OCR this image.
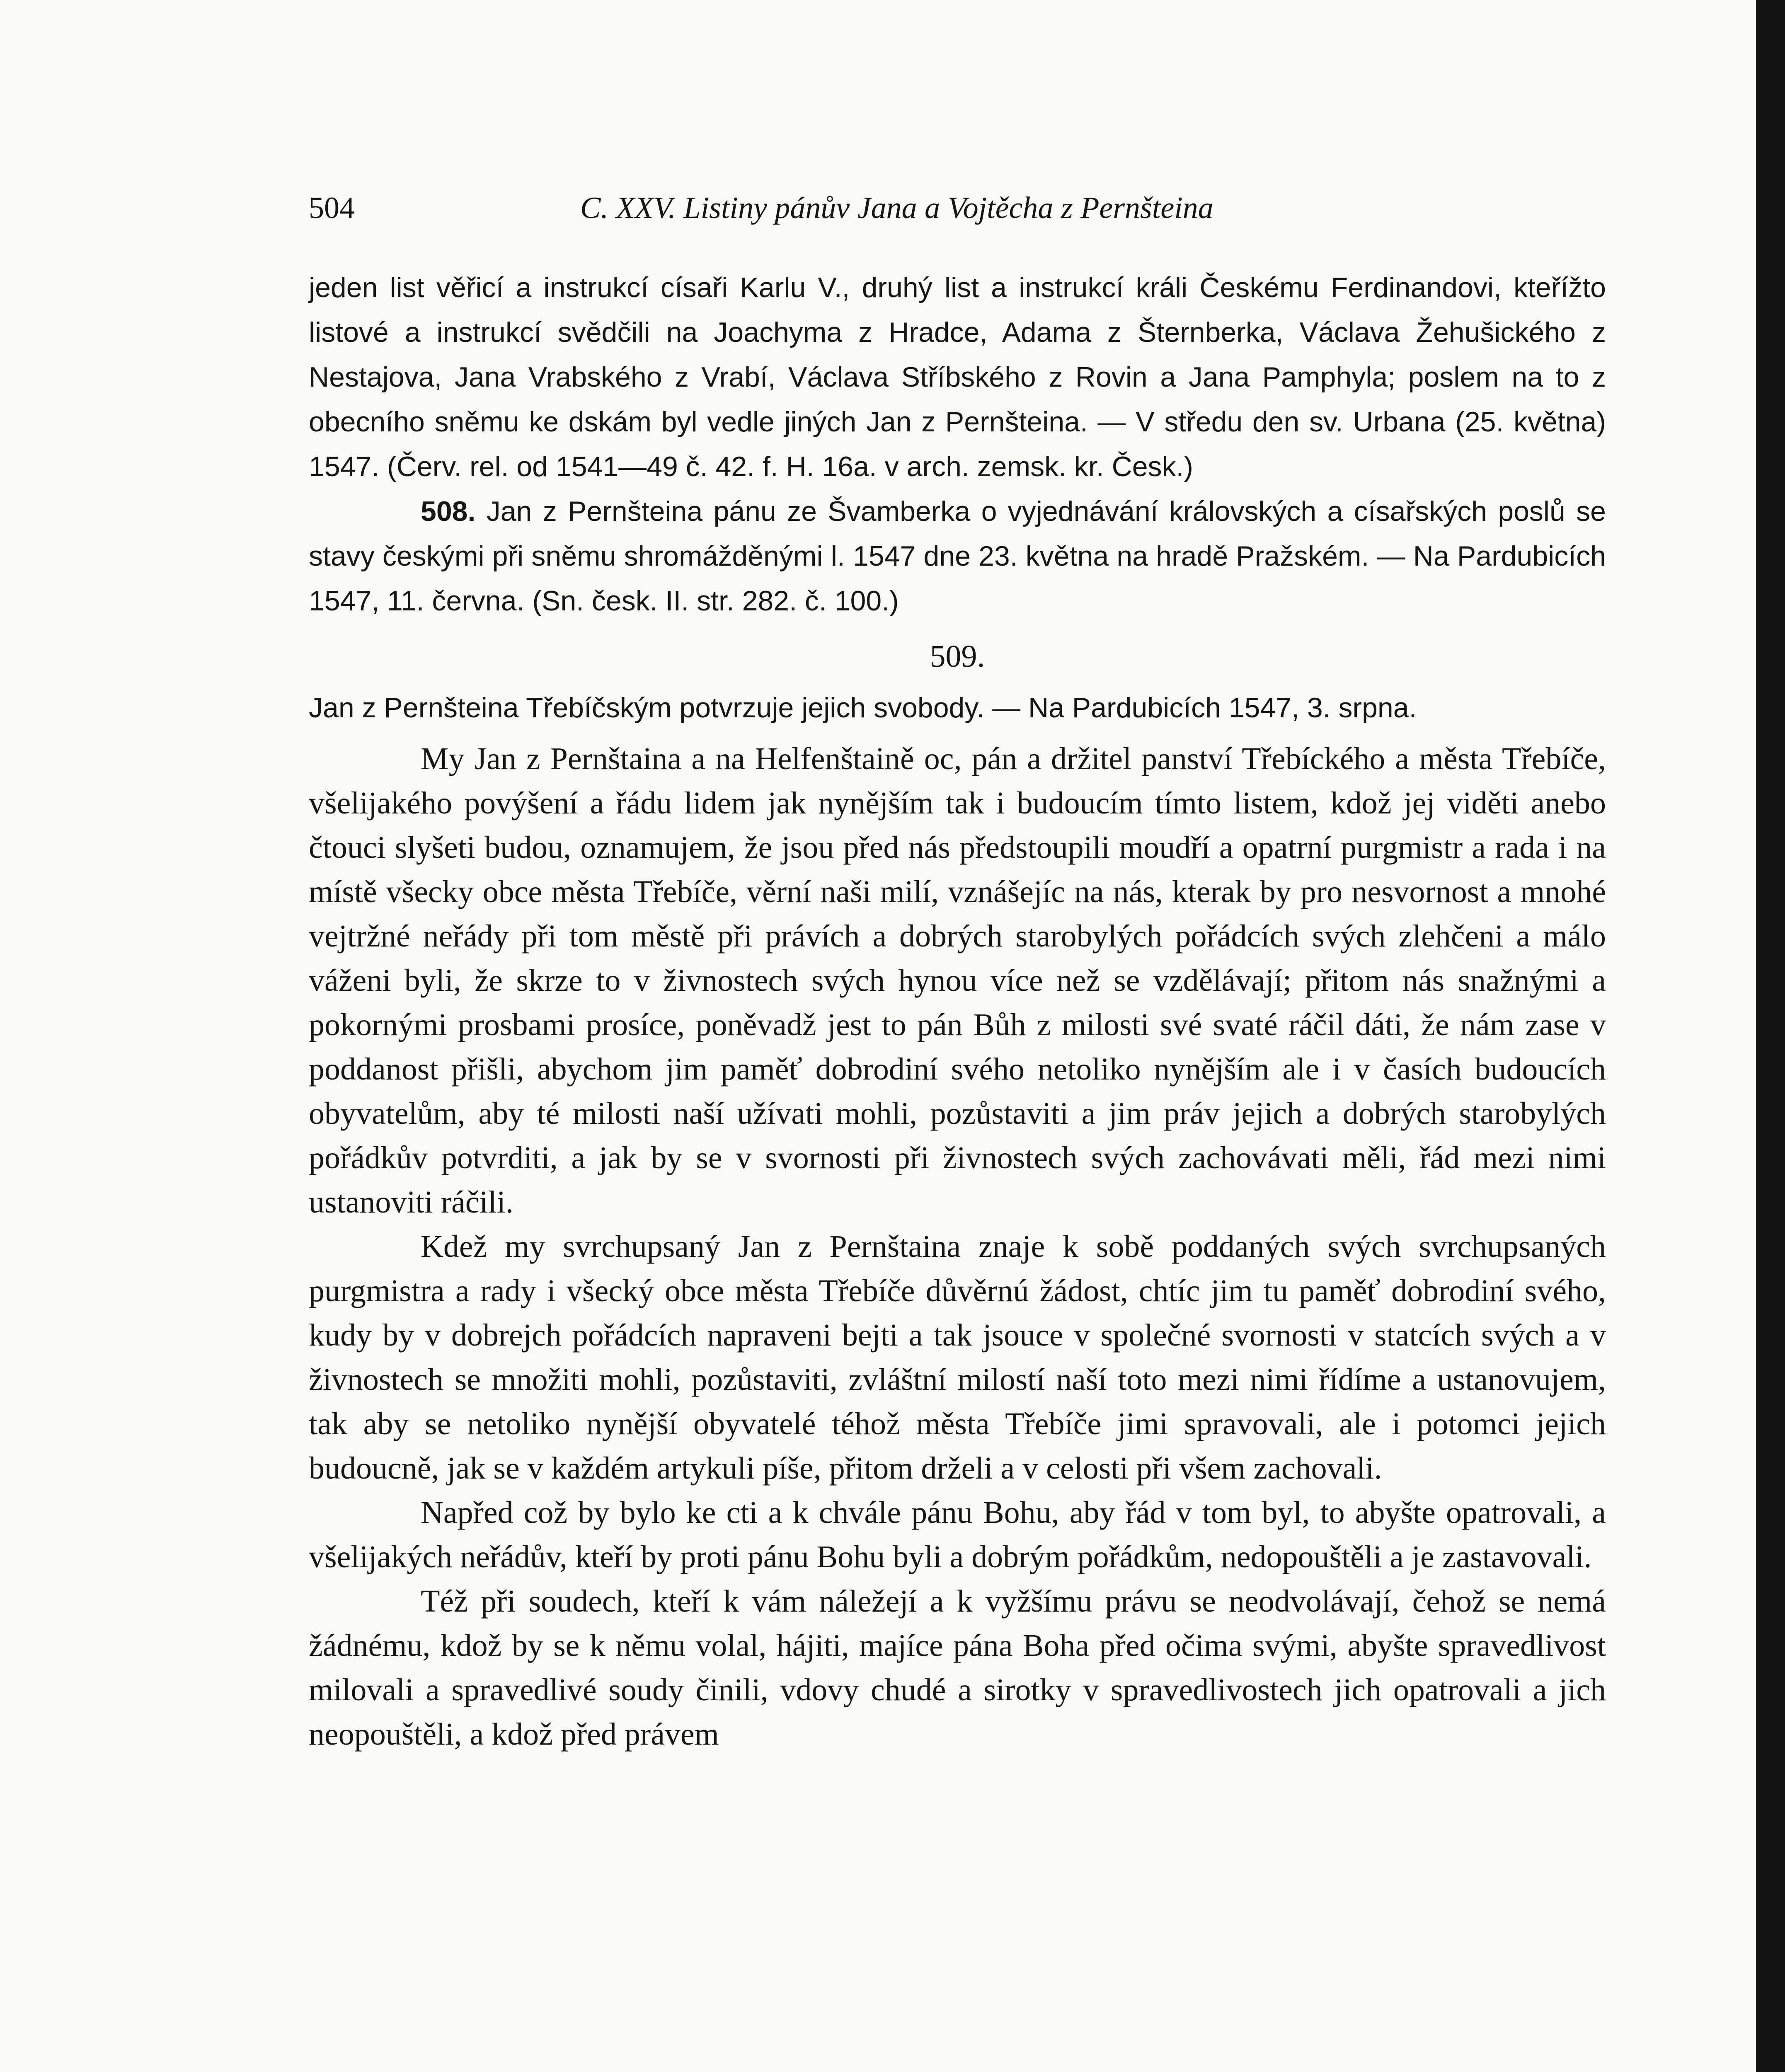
504	C. XXV. Listiny pánův Jana a Vojtěcha z Pernšteina

jeden list věřicí a instrukcí císaři Karlu V., druhý list a instrukcí králi Českému Ferdinandovi, kteřížto listové a instrukcí svědčili na Joachyma z Hradce, Adama z Šternberka, Václava Žehušického z Nestajova, Jana Vrabského z Vrabí, Václava Stříbského z Rovin a Jana Pamphyla; poslem na to z obecního sněmu ke dskám byl vedle jiných Jan z Pernšteina. — V středu den sv. Urbana (25. května) 1547. (Červ. rel. od 1541—49 č. 42. f. H. 16a. v arch. zemsk. kr. Česk.)

508. Jan z Pernšteina pánu ze Švamberka o vyjednávání královských a císařských poslů se stavy českými při sněmu shromážděnými l. 1547 dne 23. května na hradě Pražském. — Na Pardubicích 1547, 11. června. (Sn. česk. II. str. 282. č. 100.)

509.

Jan z Pernšteina Třebíčským potvrzuje jejich svobody. — Na Pardubicích 1547, 3. srpna.

My Jan z Pernštaina a na Helfenštaině oc, pán a držitel panství Třebíckého a města Třebíče, všelijakého povýšení a řádu lidem jak nynějším tak i budoucím tímto listem, kdož jej viděti anebo čtouci slyšeti budou, oznamujem, že jsou před nás předstoupili moudří a opatrní purgmistr a rada i na místě všecky obce města Třebíče, věrní naši milí, vznášejíc na nás, kterak by pro nesvornost a mnohé vejtržné neřády při tom městě při právích a dobrých starobylých pořádcích svých zlehčeni a málo váženi byli, že skrze to v živnostech svých hynou více než se vzdělávají; přitom nás snažnými a pokornými prosbami prosíce, poněvadž jest to pán Bůh z milosti své svaté ráčil dáti, že nám zase v poddanost přišli, abychom jim paměť dobrodiní svého netoliko nynějším ale i v časích budoucích obyvatelům, aby té milosti naší užívati mohli, pozůstaviti a jim práv jejich a dobrých starobylých pořádkův potvrditi, a jak by se v svornosti při živnostech svých zachovávati měli, řád mezi nimi ustanoviti ráčili.

Kdež my svrchupsaný Jan z Pernštaina znaje k sobě poddaných svých svrchupsaných purgmistra a rady i všecký obce města Třebíče důvěrnú žádost, chtíc jim tu paměť dobrodiní svého, kudy by v dobrejch pořádcích napraveni bejti a tak jsouce v společné svornosti v statcích svých a v živnostech se množiti mohli, pozůstaviti, zvláštní milostí naší toto mezi nimi řídíme a ustanovujem, tak aby se netoliko nynější obyvatelé téhož města Třebíče jimi spravovali, ale i potomci jejich budoucně, jak se v každém artykuli píše, přitom drželi a v celosti při všem zachovali.

Napřed což by bylo ke cti a k chvále pánu Bohu, aby řád v tom byl, to abyšte opatrovali, a všelijakých neřádův, kteří by proti pánu Bohu byli a dobrým pořádkům, nedopouštěli a je zastavovali.

Též při soudech, kteří k vám náležejí a k vyžšímu právu se neodvolávají, čehož se nemá žádnému, kdož by se k němu volal, hájiti, majíce pána Boha před očima svými, abyšte spravedlivost milovali a spravedlivé soudy činili, vdovy chudé a sirotky v spravedlivostech jich opatrovali a jich neopouštěli, a kdož před právem
